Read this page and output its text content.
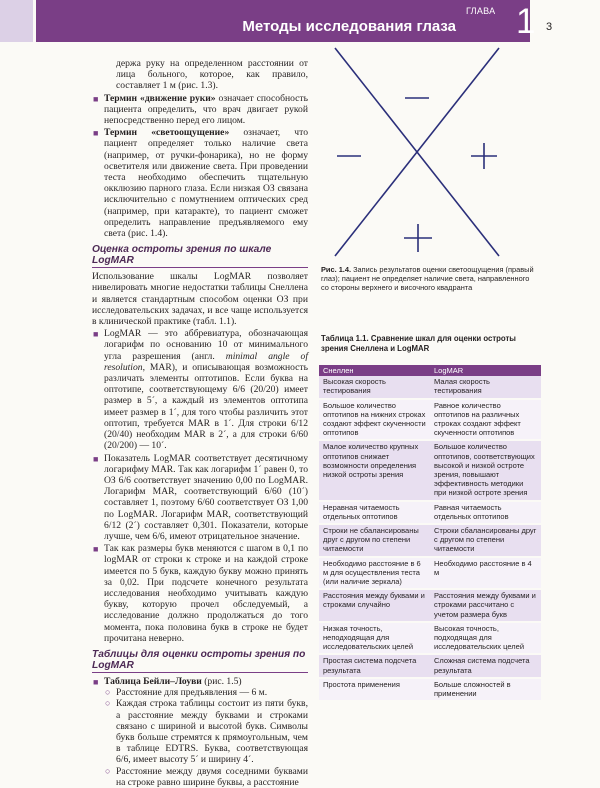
Методы исследования глаза
ГЛАВА 1 3

держа руку на определенном расстоянии от лица больного, которое, как правило, составляет 1 м (рис. 1.3).

■ Термин «движение руки» означает способность пациента определить, что врач двигает рукой непосредственно перед его лицом.
■ Термин «светоощущение» означает, что пациент определяет только наличие света (например, от ручки-фонарика), но не форму осветителя или движение света. При проведении теста необходимо обеспечить тщательную окклюзию парного глаза. Если низкая ОЗ связана исключительно с помутнением оптических сред (например, при катаракте), то пациент сможет определить направление предъявляемого ему света (рис. 1.4).
Оценка остроты зрения по шкале LogMAR

Использование шкалы LogMAR позволяет нивелировать многие недостатки таблицы Снеллена и является стандартным способом оценки ОЗ при исследовательских задачах, и все чаще используется в клинической практике (табл. 1.1).

■ LogMAR — это аббревиатура, обозначающая логарифм по основанию 10 от минимального угла разрешения (англ. minimal angle of resolution, MAR), и описывающая возможность различать элементы оптотипов. Если буква на оптотипе, соответствующему 6/6 (20/20) имеет размер в 5´, а каждый из элементов оптотипа имеет размер в 1´, для того чтобы различить этот оптотип, требуется MAR в 1´. Для строки 6/12 (20/40) необходим MAR в 2´, а для строки 6/60 (20/200) — 10´.
■ Показатель LogMAR соответствует десятичному логарифму MAR. Так как логарифм 1´ равен 0, то ОЗ 6/6 соответствует значению 0,00 по LogMAR. Логарифм MAR, соответствующий 6/60 (10´) составляет 1, поэтому 6/60 соответствует ОЗ 1,00 по LogMAR. Логарифм MAR, соответствующий 6/12 (2´) составляет 0,301. Показатели, которые лучше, чем 6/6, имеют отрицательное значение.
■ Так как размеры букв меняются с шагом в 0,1 по logMAR от строки к строке и на каждой строке имеется по 5 букв, каждую букву можно принять за 0,02. При подсчете конечного результата исследования необходимо учитывать каждую букву, которую прочел обследуемый, а исследование должно продолжаться до того момента, пока половина букв в строке не будет прочитана неверно.
Таблицы для оценки остроты зрения по LogMAR
■ Таблица Бейли–Лоуви (рис. 1.5)
○ Расстояние для предъявления — 6 м.
○ Каждая строка таблицы состоит из пяти букв, а расстояние между буквами и строками связано с шириной и высотой букв. Символы букв больше стремятся к прямоугольным, чем в таблице EDTRS. Буква, соответствующая 6/6, имеет высоту 5´ и ширину 4´.
○ Расстояние между двумя соседними буквами на строке равно ширине буквы, а расстояние
Рис. 1.4. Запись результатов оценки светоощущения (правый глаз); пациент не определяет наличие света, направленного со стороны верхнего и височного квадранта
Таблица 1.1. Сравнение шкал для оценки остроты зрения Снеллена и LogMAR
Снеллен	LogMAR
Высокая скорость тестирования	Малая скорость тестирования
Большое количество оптотипов на нижних строках создают эффект скученности оптотипов	Равное количество оптотипов на различных строках создают эффект скученности оптотипов
Малое количество крупных оптотипов снижает возможности определения низкой остроты зрения	Большое количество оптотипов, соответствующих высокой и низкой остроте зрения, повышают эффективность методики при низкой остроте зрения
Неравная читаемость отдельных оптотипов	Равная читаемость отдельных оптотипов
Строки не сбалансированы друг с другом по степени читаемости	Строки сбалансированы друг с другом по степени читаемости
Необходимо расстояние в 6 м для осуществления теста (или наличие зеркала)	Необходимо расстояние в 4 м
Расстояния между буквами и строками случайно	Расстояния между буквами и строками рассчитано с учетом размера букв
Низкая точность, неподходящая для исследовательских целей	Высокая точность, подходящая для исследовательских целей
Простая система подсчета результата	Сложная система подсчета результата
Простота применения	Больше сложностей в применении
